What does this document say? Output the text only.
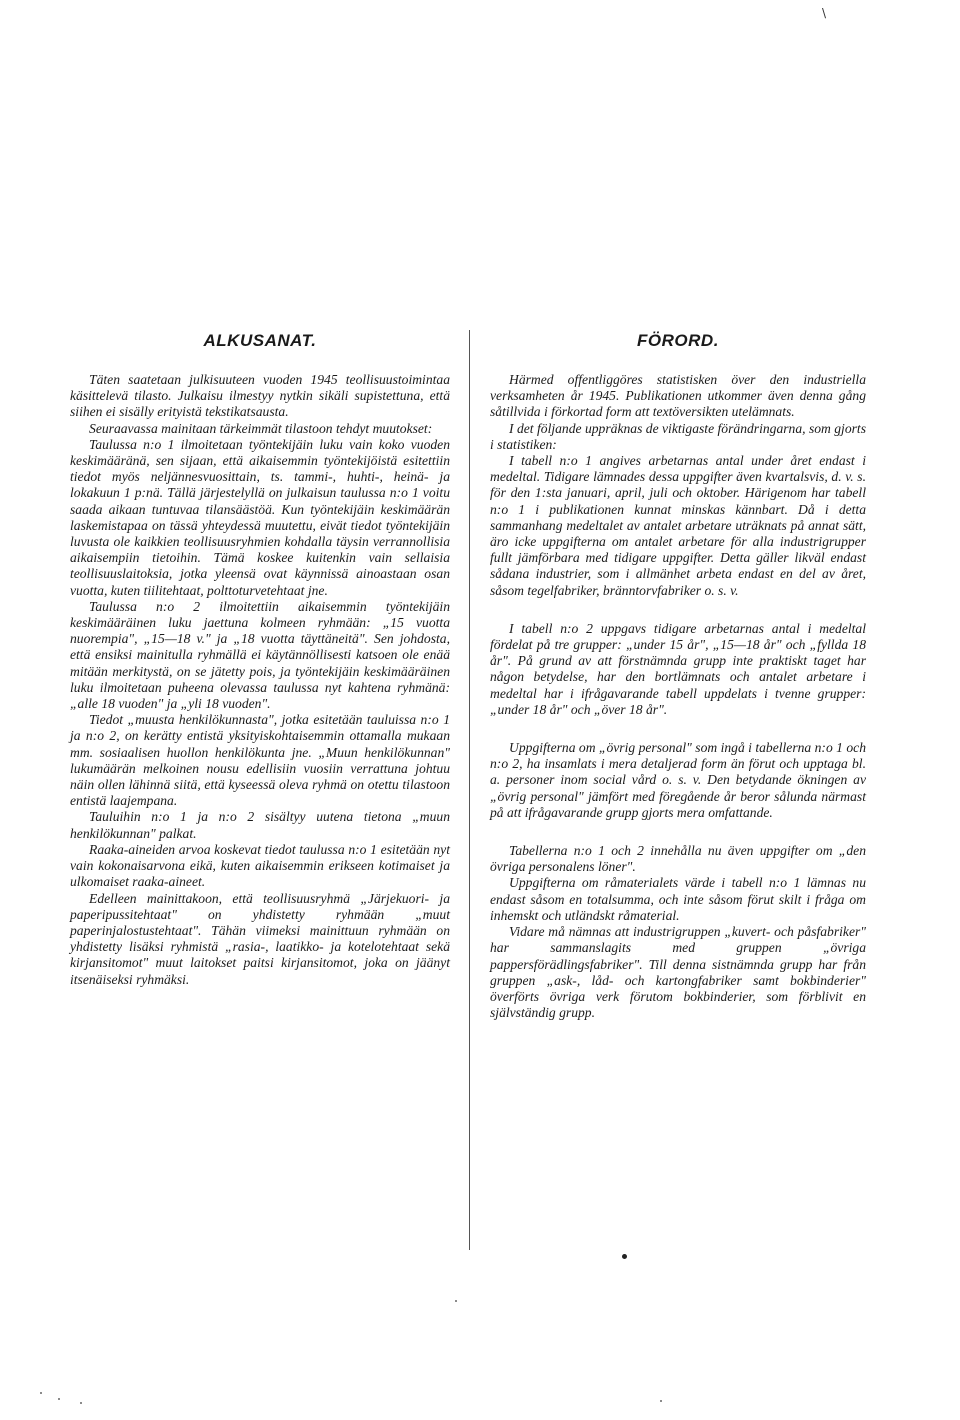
\
ALKUSANAT.

Täten saatetaan julkisuuteen vuoden 1945 teollisuustoimintaa käsittelevä tilasto. Julkaisu ilmestyy nytkin sikäli supistettuna, että siihen ei sisälly erityistä tekstikatsausta.

Seuraavassa mainitaan tärkeimmät tilastoon tehdyt muutokset:

Taulussa n:o 1 ilmoitetaan työntekijäin luku vain koko vuoden keskimääränä, sen sijaan, että aikaisemmin työntekijöistä esitettiin tiedot myös neljännesvuosittain, ts. tammi-, huhti-, heinä- ja lokakuun 1 p:nä. Tällä järjestelyllä on julkaisun taulussa n:o 1 voitu saada aikaan tuntuvaa tilansäästöä. Kun työntekijäin keskimäärän laskemistapaa on tässä yhteydessä muutettu, eivät tiedot työntekijäin luvusta ole kaikkien teollisuusryhmien kohdalla täysin verrannollisia aikaisempiin tietoihin. Tämä koskee kuitenkin vain sellaisia teollisuuslaitoksia, jotka yleensä ovat käynnissä ainoastaan osan vuotta, kuten tiilitehtaat, polttoturvetehtaat jne.

Taulussa n:o 2 ilmoitettiin aikaisemmin työntekijäin keskimääräinen luku jaettuna kolmeen ryhmään: „15 vuotta nuorempia", „15—18 v." ja „18 vuotta täyttäneitä". Sen johdosta, että ensiksi mainitulla ryhmällä ei käytännöllisesti katsoen ole enää mitään merkitystä, on se jätetty pois, ja työntekijäin keskimääräinen luku ilmoitetaan puheena olevassa taulussa nyt kahtena ryhmänä: „alle 18 vuoden" ja „yli 18 vuoden".

Tiedot „muusta henkilökunnasta", jotka esitetään tauluissa n:o 1 ja n:o 2, on kerätty entistä yksityiskohtaisemmin ottamalla mukaan mm. sosiaalisen huollon henkilökunta jne. „Muun henkilökunnan" lukumäärän melkoinen nousu edellisiin vuosiin verrattuna johtuu näin ollen lähinnä siitä, että kyseessä oleva ryhmä on otettu tilastoon entistä laajempana.

Tauluihin n:o 1 ja n:o 2 sisältyy uutena tietona „muun henkilökunnan" palkat.

Raaka-aineiden arvoa koskevat tiedot taulussa n:o 1 esitetään nyt vain kokonaisarvona eikä, kuten aikaisemmin erikseen kotimaiset ja ulkomaiset raaka-aineet.

Edelleen mainittakoon, että teollisuusryhmä „Järjekuori- ja paperipussitehtaat" on yhdistetty ryhmään „muut paperinjalostustehtaat". Tähän viimeksi mainittuun ryhmään on yhdistetty lisäksi ryhmistä „rasia-, laatikko- ja kotelotehtaat sekä kirjansitomot" muut laitokset paitsi kirjansitomot, joka on jäänyt itsenäiseksi ryhmäksi.

FÖRORD.

Härmed offentliggöres statistisken över den industriella verksamheten år 1945. Publikationen utkommer även denna gång såtillvida i förkortad form att textöversikten utelämnats.

I det följande uppräknas de viktigaste förändringarna, som gjorts i statistiken:

I tabell n:o 1 angives arbetarnas antal under året endast i medeltal. Tidigare lämnades dessa uppgifter även kvartalsvis, d. v. s. för den 1:sta januari, april, juli och oktober. Härigenom har tabell n:o 1 i publikationen kunnat minskas kännbart. Då i detta sammanhang medeltalet av antalet arbetare uträknats på annat sätt, äro icke uppgifterna om antalet arbetare för alla industrigrupper fullt jämförbara med tidigare uppgifter. Detta gäller likväl endast sådana industrier, som i allmänhet arbeta endast en del av året, såsom tegelfabriker, bränntorvfabriker o. s. v.

I tabell n:o 2 uppgavs tidigare arbetarnas antal i medeltal fördelat på tre grupper: „under 15 år", „15—18 år" och „fyllda 18 år". På grund av att förstnämnda grupp inte praktiskt taget har någon betydelse, har den bortlämnats och antalet arbetare i medeltal har i ifrågavarande tabell uppdelats i tvenne grupper: „under 18 år" och „över 18 år".

Uppgifterna om „övrig personal" som ingå i tabellerna n:o 1 och n:o 2, ha insamlats i mera detaljerad form än förut och upptaga bl. a. personer inom social vård o. s. v. Den betydande ökningen av „övrig personal" jämfört med föregående år beror sålunda närmast på att ifrågavarande grupp gjorts mera omfattande.

Tabellerna n:o 1 och 2 innehålla nu även uppgifter om „den övriga personalens löner".

Uppgifterna om råmaterialets värde i tabell n:o 1 lämnas nu endast såsom en totalsumma, och inte såsom förut skilt i fråga om inhemskt och utländskt råmaterial.

Vidare må nämnas att industrigruppen „kuvert- och påsfabriker" har sammanslagits med gruppen „övriga pappersförädlingsfabriker". Till denna sistnämnda grupp har från gruppen „ask-, låd- och kartongfabriker samt bokbinderier" överförts övriga verk förutom bokbinderier, som förblivit en självständig grupp.
